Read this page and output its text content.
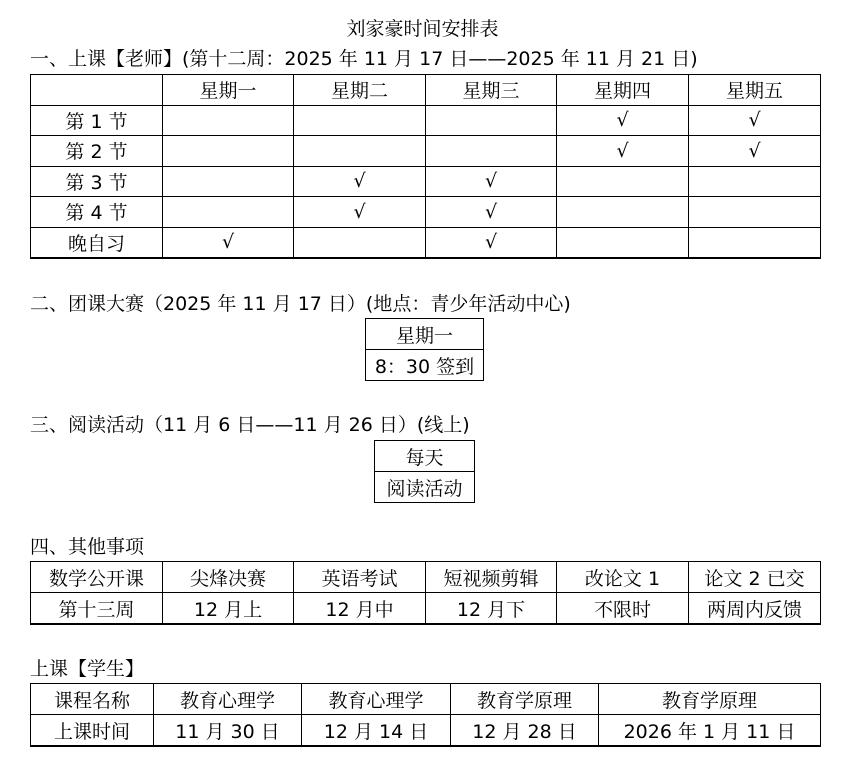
刘家豪时间安排表
一、上课【老师】(第十二周：2025 年 11 月 17 日——2025 年 11 月 21 日)
	星期一	星期二	星期三	星期四	星期五
第 1 节				√	√
第 2 节				√	√
第 3 节		√	√		
第 4 节		√	√		
晚自习	√		√		
二、团课大赛（2025 年 11 月 17 日）(地点：青少年活动中心)
星期一
8：30 签到
三、阅读活动（11 月 6 日——11 月 26 日）(线上)
每天
阅读活动
四、其他事项
数学公开课	尖烽决赛	英语考试	短视频剪辑	改论文 1	论文 2 已交
第十三周	12 月上	12 月中	12 月下	不限时	两周内反馈
上课【学生】
课程名称	教育心理学	教育心理学	教育学原理	教育学原理
上课时间	11 月 30 日	12 月 14 日	12 月 28 日	2026 年 1 月 11 日
